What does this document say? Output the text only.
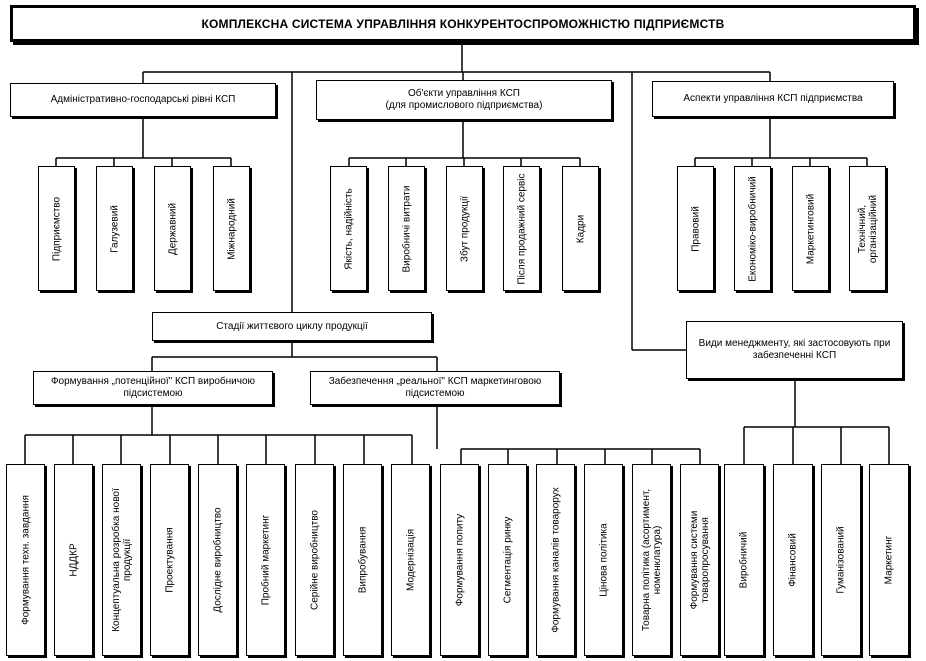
КОМПЛЕКСНА СИСТЕМА УПРАВЛІННЯ КОНКУРЕНТОСПРОМОЖНІСТЮ ПІДПРИЄМСТВ
Адміністративно-господарські рівні КСП
Об'єкти управління КСП
(для промислового підприємства)
Аспекти управління КСП підприємства
Підприємство	Галузевий	Державний	Міжнародний	Якість, надійність	Виробничі витрати	Збут продукції	Після продажний сервіс	Кадри	Правовий	Економіко-виробничий	Маркетинговий	Технічний, організаційний
Стадії життєвого циклу продукції
Види менеджменту, які застосовують при забезпеченні КСП
Формування „потенційної" КСП виробничою підсистемою
Забезпечення „реальної" КСП маркетинговою підсистемою
Формування техн. завдання	НДДКР	Концептуальна розробка нової продукції	Проектування	Дослідне виробництво	Пробний маркетинг	Серійне виробництво	Випробування	Модернізація	Формування попиту	Сегментація ринку	Формування каналів товарорух	Цінова політика	Товарна політика (асортимент, номенклатура)	Формування системи товаропросування	Виробничий	Фінансовий	Гуманізований	Маркетинг
